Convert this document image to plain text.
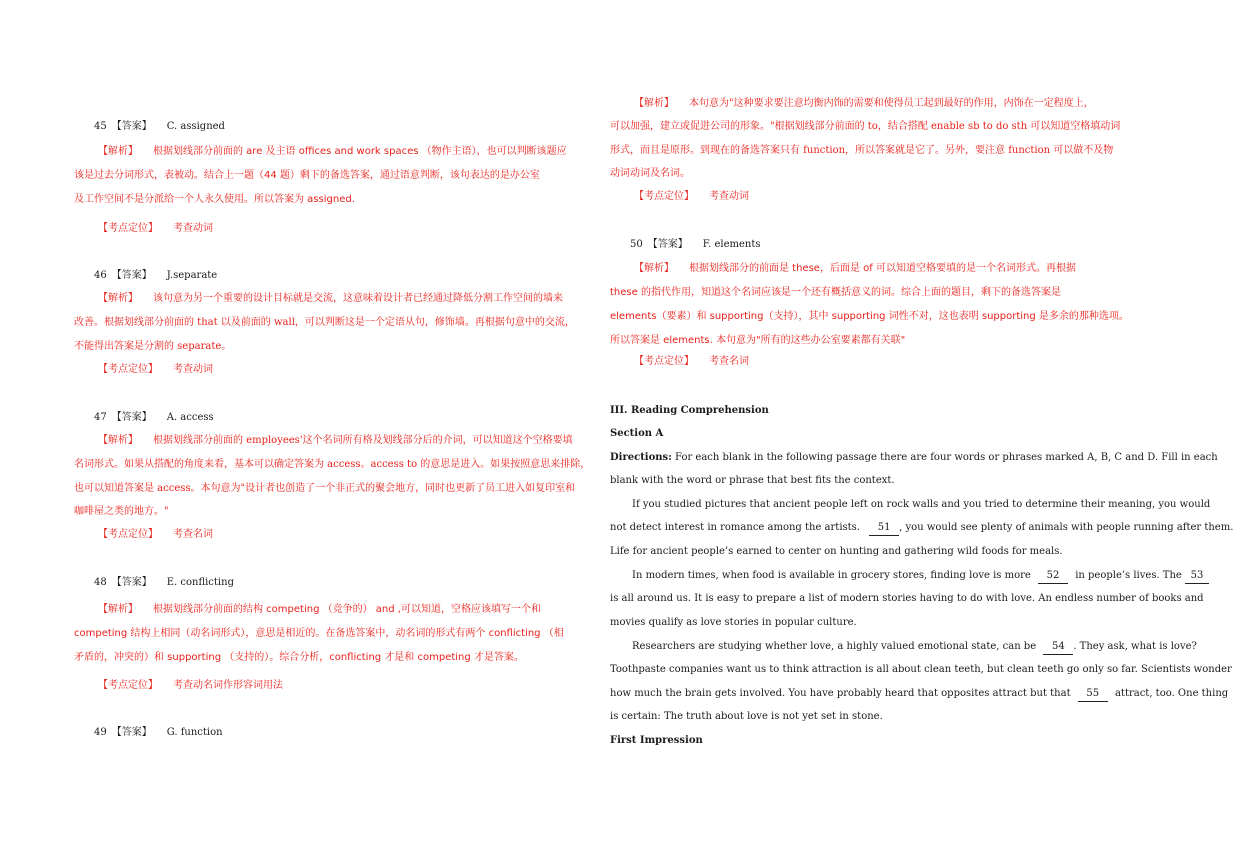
45　【答案】　　C. assigned
【解析】　　根据划线部分前面的 are 及主语 offices and work spaces （物作主语），也可以判断该题应
该是过去分词形式，表被动。结合上一题（44 题）剩下的备选答案，通过语意判断，该句表达的是办公室
及工作空间不是分派给一个人永久使用。所以答案为 assigned.
【考点定位】　　考查动词
46　【答案】　　J.separate
【解析】　　该句意为另一个重要的设计目标就是交流，这意味着设计者已经通过降低分割工作空间的墙来
改善。根据划线部分前面的 that 以及前面的 wall，可以判断这是一个定语从句，修饰墙。再根据句意中的交流，
不能得出答案是分割的 separate。
【考点定位】　　考查动词
47　【答案】　　A. access
【解析】　　根据划线部分前面的 employees'这个名词所有格及划线部分后的介词，可以知道这个空格要填
名词形式。如果从搭配的角度来看，基本可以确定答案为 access。access to 的意思是进入。如果按照意思来排除，
也可以知道答案是 access。本句意为"设计者也创造了一个非正式的聚会地方，同时也更新了员工进入如复印室和
咖啡屋之类的地方。"
【考点定位】　　考查名词
48　【答案】　　E. conflicting
【解析】　　根据划线部分前面的结构 competing （竞争的） and ,可以知道，空格应该填写一个和
competing 结构上相同（动名词形式），意思是相近的。在备选答案中，动名词的形式有两个 conflicting （相
矛盾的，冲突的）和 supporting （支持的）。综合分析，conflicting 才是和 competing 才是答案。
【考点定位】　　考查动名词作形容词用法
49　【答案】　　G. function
【解析】　　本句意为"这种要求要注意均衡内饰的需要和使得员工起到最好的作用，内饰在一定程度上，
可以加强，建立或促进公司的形象。"根据划线部分前面的 to，结合搭配 enable sb to do sth 可以知道空格填动词
形式，而且是原形。到现在的备选答案只有 function，所以答案就是它了。另外，要注意 function 可以做不及物
动词动词及名词。
【考点定位】　　考查动词
50　【答案】　　F. elements
【解析】　　根据划线部分的前面是 these，后面是 of 可以知道空格要填的是一个名词形式。再根据
these 的指代作用，知道这个名词应该是一个还有概括意义的词。综合上面的题目，剩下的备选答案是
elements（要素）和 supporting（支持），其中 supporting 词性不对，这也表明 supporting 是多余的那种选项。
所以答案是 elements. 本句意为"所有的这些办公室要素都有关联"
【考点定位】　　考查名词
III. Reading Comprehension
Section A
Directions: For each blank in the following passage there are four words or phrases marked A, B, C and D. Fill in each
blank with the word or phrase that best fits the context.
If you studied pictures that ancient people left on rock walls and you tried to determine their meaning, you would
not detect interest in romance among the artists. 51 , you would see plenty of animals with people running after them.
Life for ancient people’s earned to center on hunting and gathering wild foods for meals.
In modern times, when food is available in grocery stores, finding love is more 52 in people’s lives. The 53
is all around us. It is easy to prepare a list of modern stories having to do with love. An endless number of books and
movies qualify as love stories in popular culture.
Researchers are studying whether love, a highly valued emotional state, can be 54 . They ask, what is love?
Toothpaste companies want us to think attraction is all about clean teeth, but clean teeth go only so far. Scientists wonder
how much the brain gets involved. You have probably heard that opposites attract but that 55 attract, too. One thing
is certain: The truth about love is not yet set in stone.
First Impression
